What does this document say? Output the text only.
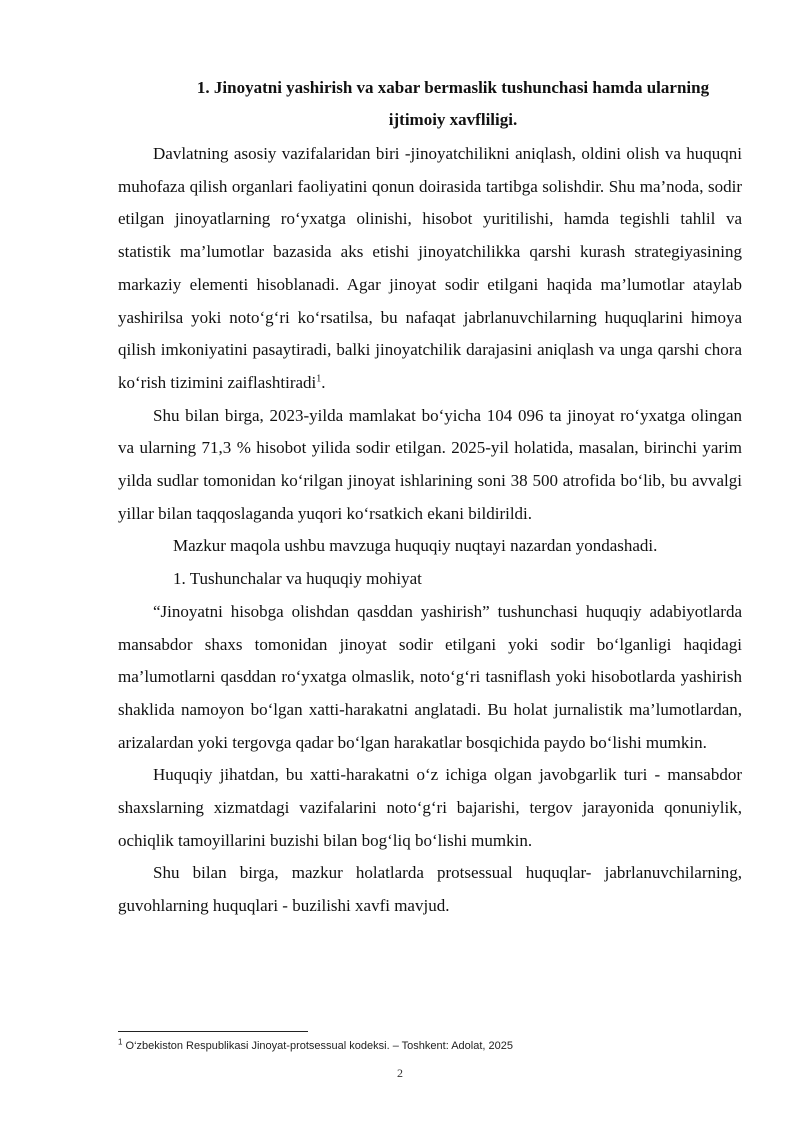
1. Jinoyatni yashirish va xabar bermaslik tushunchasi hamda ularning
ijtimoiy xavfliligi.

Davlatning asosiy vazifalaridan biri -jinoyatchilikni aniqlash, oldini olish va huquqni muhofaza qilish organlari faoliyatini qonun doirasida tartibga solishdir. Shu ma’noda, sodir etilgan jinoyatlarning ro‘yxatga olinishi, hisobot yuritilishi, hamda tegishli tahlil va statistik ma’lumotlar bazasida aks etishi jinoyatchilikka qarshi kurash strategiyasining markaziy elementi hisoblanadi. Agar jinoyat sodir etilgani haqida ma’lumotlar ataylab yashirilsa yoki noto‘g‘ri ko‘rsatilsa, bu nafaqat jabrlanuvchilarning huquqlarini himoya qilish imkoniyatini pasaytiradi, balki jinoyatchilik darajasini aniqlash va unga qarshi chora ko‘rish tizimini zaiflashtiradi$^1$.

Shu bilan birga, 2023-yilda mamlakat bo‘yicha 104 096 ta jinoyat ro‘yxatga olingan va ularning 71,3 % hisobot yilida sodir etilgan. 2025-yil holatida, masalan, birinchi yarim yilda sudlar tomonidan ko‘rilgan jinoyat ishlarining soni 38 500 atrofida bo‘lib, bu avvalgi yillar bilan taqqoslaganda yuqori ko‘rsatkich ekani bildirildi.

Mazkur maqola ushbu mavzuga huquqiy nuqtayi nazardan yondashadi.

1. Tushunchalar va huquqiy mohiyat

“Jinoyatni hisobga olishdan qasddan yashirish” tushunchasi huquqiy adabiyotlarda mansabdor shaxs tomonidan jinoyat sodir etilgani yoki sodir bo‘lganligi haqidagi ma’lumotlarni qasddan ro‘yxatga olmaslik, noto‘g‘ri tasniflash yoki hisobotlarda yashirish shaklida namoyon bo‘lgan xatti-harakatni anglatadi. Bu holat jurnalistik ma’lumotlardan, arizalardan yoki tergovga qadar bo‘lgan harakatlar bosqichida paydo bo‘lishi mumkin.

Huquqiy jihatdan, bu xatti-harakatni o‘z ichiga olgan javobgarlik turi - mansabdor shaxslarning xizmatdagi vazifalarini noto‘g‘ri bajarishi, tergov jarayonida qonuniylik, ochiqlik tamoyillarini buzishi bilan bog‘liq bo‘lishi mumkin.

Shu bilan birga, mazkur holatlarda protsessual huquqlar- jabrlanuvchilarning, guvohlarning huquqlari - buzilishi xavfi mavjud.

$^1$ O‘zbekiston Respublikasi Jinoyat-protsessual kodeksi. – Toshkent: Adolat, 2025
2
